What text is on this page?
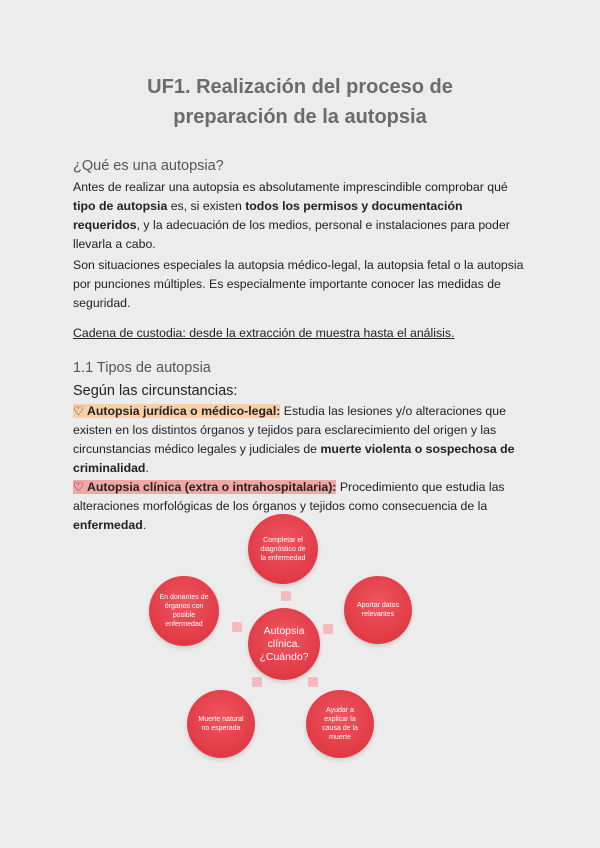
UF1. Realización del proceso de
preparación de la autopsia
¿Qué es una autopsia?
Antes de realizar una autopsia es absolutamente imprescindible comprobar qué tipo de autopsia es, si existen todos los permisos y documentación requeridos, y la adecuación de los medios, personal e instalaciones para poder llevarla a cabo.
Son situaciones especiales la autopsia médico-legal, la autopsia fetal o la autopsia por punciones múltiples. Es especialmente importante conocer las medidas de seguridad.
Cadena de custodia: desde la extracción de muestra hasta el análisis.
1.1 Tipos de autopsia
Según las circunstancias:
♡ Autopsia jurídica o médico-legal: Estudia las lesiones y/o alteraciones que existen en los distintos órganos y tejidos para esclarecimiento del origen y las circunstancias médico legales y judiciales de muerte violenta o sospechosa de criminalidad.
♡ Autopsia clínica (extra o intrahospitalaria): Procedimiento que estudia las alteraciones morfológicas de los órganos y tejidos como consecuencia de la enfermedad.
Completar el diagnóstico de la enfermedad
Aportar datos relevantes
Ayudar a explicar la causa de la muerte
Muerte natural no esperada
En donantes de órganos con posible enfermedad	Autopsia clínica. ¿Cuándo?
